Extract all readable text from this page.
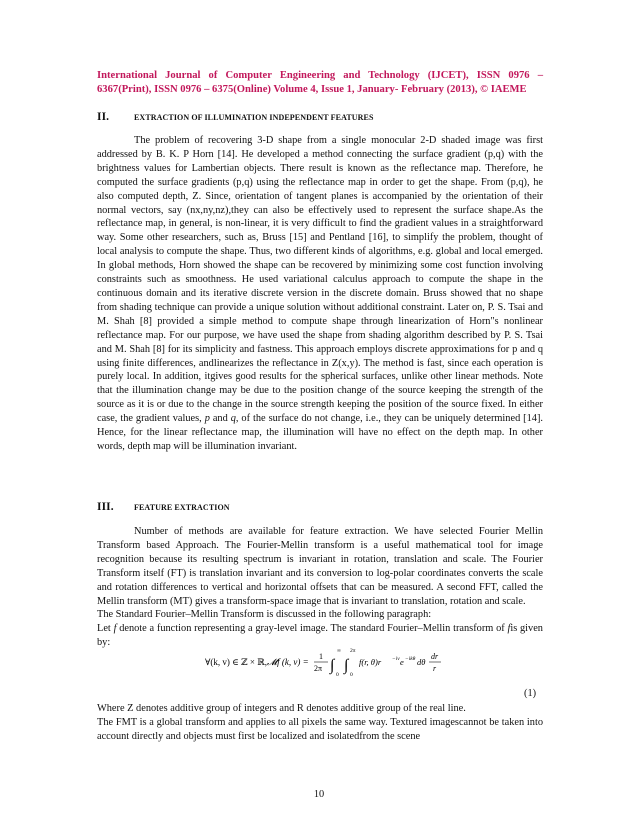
International Journal of Computer Engineering and Technology (IJCET), ISSN 0976 – 6367(Print), ISSN 0976 – 6375(Online) Volume 4, Issue 1, January- February (2013), © IAEME
II.	EXTRACTION OF ILLUMINATION INDEPENDENT FEATURES

The problem of recovering 3-D shape from a single monocular 2-D shaded image was first addressed by B. K. P Horn [14]. He developed a method connecting the surface gradient (p,q) with the brightness values for Lambertian objects. There result is known as the reflectance map. Therefore, he computed the surface gradients (p,q) using the reflectance map in order to get the shape. From (p,q), he also computed depth, Z. Since, orientation of tangent planes is accompanied by the orientation of their normal vectors, say (nx,ny,nz),they can also be effectively used to represent the surface shape.As the reflectance map, in general, is non-linear, it is very difficult to find the gradient values in a straightforward way. Some other researchers, such as, Bruss [15] and Pentland [16], to simplify the problem, thought of local analysis to compute the shape. Thus, two different kinds of algorithms, e.g. global and local emerged. In global methods, Horn showed the shape can be recovered by minimizing some cost function involving constraints such as smoothness. He used variational calculus approach to compute the shape in the continuous domain and its iterative discrete version in the discrete domain. Bruss showed that no shape from shading technique can provide a unique solution without additional constraint. Later on, P. S. Tsai and M. Shah [8] provided a simple method to compute shape through linearization of Horn"s nonlinear reflectance map. For our purpose, we have used the shape from shading algorithm described by P. S. Tsai and M. Shah [8] for its simplicity and fastness. This approach employs discrete approximations for p and q using finite differences, andlinearizes the reflectance in Z(x,y). The method is fast, since each operation is purely local. In addition, itgives good results for the spherical surfaces, unlike other linear methods. Note that the illumination change may be due to the position change of the source keeping the strength of the source as it is or due to the change in the source strength keeping the position of the source fixed. In either case, the gradient values, p and q, of the surface do not change, i.e., they can be uniquely determined [14]. Hence, for the linear reflectance map, the illumination will have no effect on the depth map. In other words, depth map will be illumination invariant.

III.	FEATURE EXTRACTION

Number of methods are available for feature extraction. We have selected Fourier Mellin Transform based Approach. The Fourier-Mellin transform is a useful mathematical tool for image recognition because its resulting spectrum is invariant in rotation, translation and scale. The Fourier Transform itself (FT) is translation invariant and its conversion to log-polar coordinates converts the scale and rotation differences to vertical and horizontal offsets that can be measured. A second FFT, called the Mellin transform (MT) gives a transform-space image that is invariant to translation, rotation and scale.

The Standard Fourier–Mellin Transform is discussed in the following paragraph:

Let f denote a function representing a gray-level image. The standard Fourier–Mellin transform of fis given by:

∀(k, v) ∈ ℤ × ℝ, 𝓜f (k, v) =
1
2π ∫
∞
0
∫
2π
0
f(r, θ)r −iv e −ikθ dθ
dr
r
(1)

Where Z denotes additive group of integers and R denotes additive group of the real line.

The FMT is a global transform and applies to all pixels the same way. Textured imagescannot be taken into account directly and objects must first be localized and isolatedfrom the scene

10
